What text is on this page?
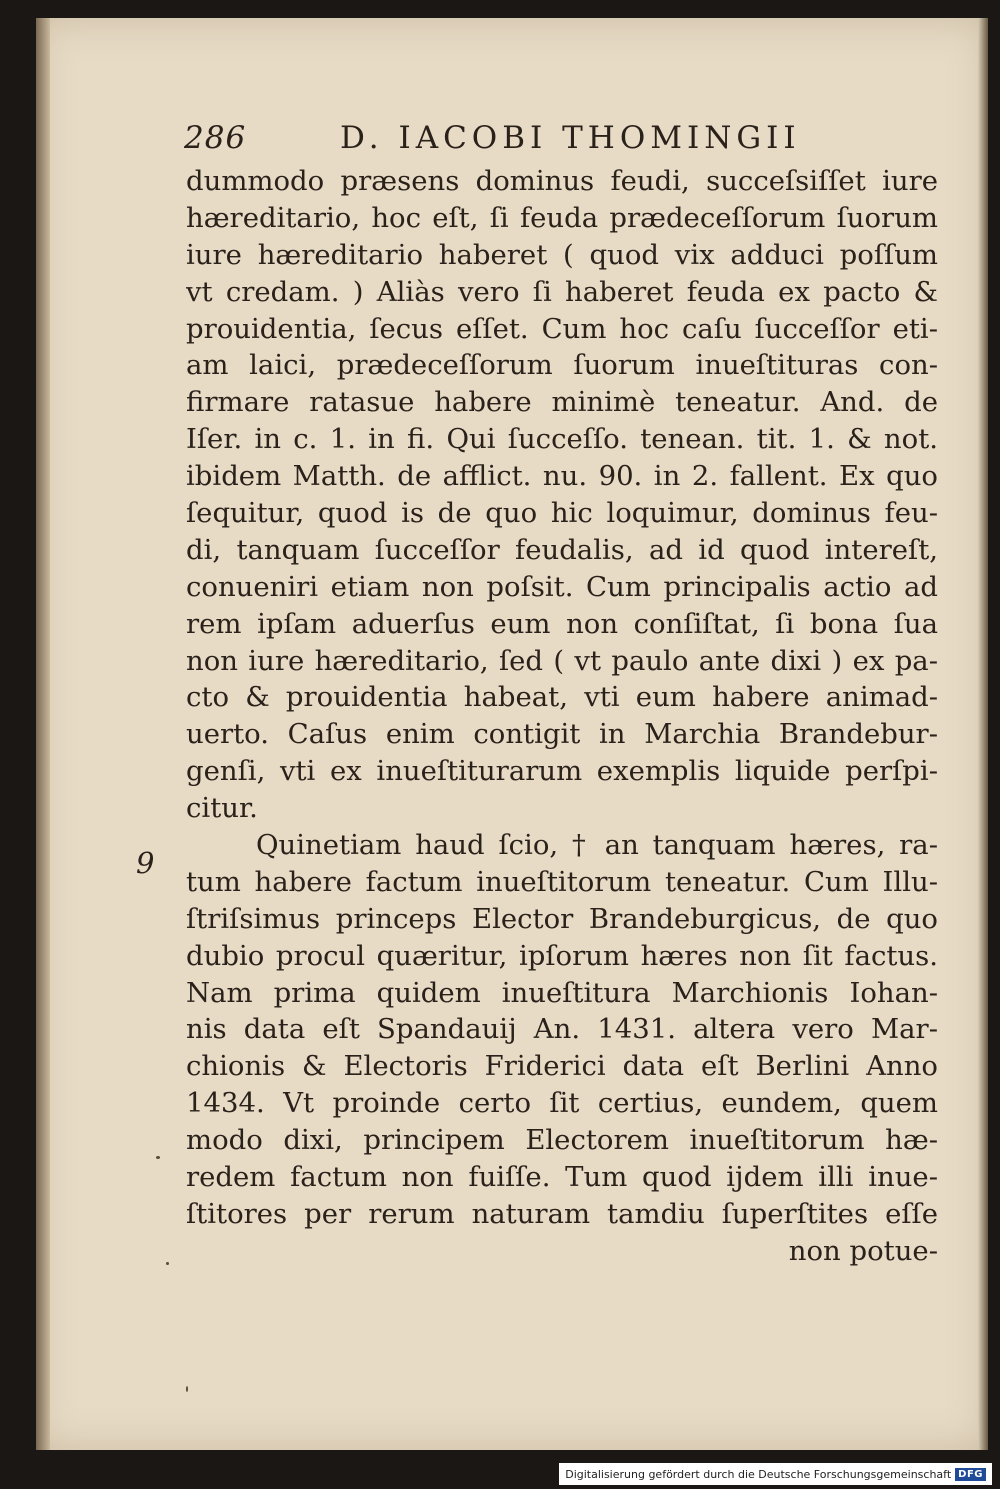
286	D. IACOBI THOMINGII
9
dummodo præsens dominus feudi, succeſsiſſet iure
hæreditario, hoc eſt, ſi feuda prædeceſſorum ſuorum
iure hæreditario haberet ( quod vix adduci poſſum
vt credam. ) Aliàs vero ſi haberet feuda ex pacto &
prouidentia, ſecus eſſet. Cum hoc caſu ſucceſſor eti-
am laici, prædeceſſorum ſuorum inueſtituras con-
firmare ratasue habere minimè teneatur. And. de
Iſer. in c. 1. in fi. Qui ſucceſſo. tenean. tit. 1. & not.
ibidem Matth. de afflict. nu. 90. in 2. fallent. Ex quo
ſequitur, quod is de quo hic loquimur, dominus feu-
di, tanquam ſucceſſor feudalis, ad id quod intereſt,
conueniri etiam non poſsit. Cum principalis actio ad
rem ipſam aduerſus eum non conſiſtat, ſi bona ſua
non iure hæreditario, ſed ( vt paulo ante dixi ) ex pa-
cto & prouidentia habeat, vti eum habere animad-
uerto. Caſus enim contigit in Marchia Brandebur-
genſi, vti ex inueſtiturarum exemplis liquide perſpi-
citur.
Quinetiam haud ſcio, † an tanquam hæres, ra-
tum habere factum inueſtitorum teneatur. Cum Illu-
ſtriſsimus princeps Elector Brandeburgicus, de quo
dubio procul quæritur, ipſorum hæres non ſit factus.
Nam prima quidem inueſtitura Marchionis Iohan-
nis data eſt Spandauij An. 1431. altera vero Mar-
chionis & Electoris Friderici data eſt Berlini Anno
1434. Vt proinde certo ſit certius, eundem, quem
modo dixi, principem Electorem inueſtitorum hæ-
redem factum non fuiſſe. Tum quod ijdem illi inue-
ſtitores per rerum naturam tamdiu ſuperſtites eſſe
non potue-
Digitalisierung gefördert durch die Deutsche Forschungsgemeinschaft DFG
